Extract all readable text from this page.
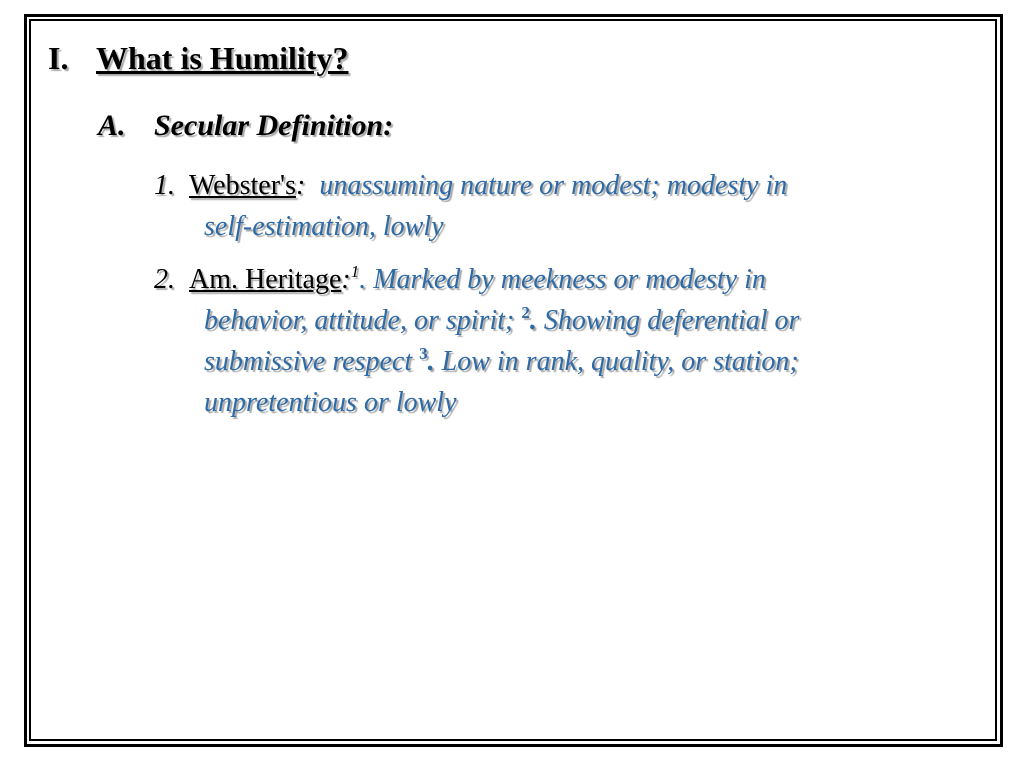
I. What is Humility?
A. Secular Definition:
1. Webster's: unassuming nature or modest; modesty in
self-estimation, lowly
2. Am. Heritage:$^1$. Marked by meekness or modesty in
behavior, attitude, or spirit; $^2$. Showing deferential or
submissive respect $^3$. Low in rank, quality, or station;
unpretentious or lowly
